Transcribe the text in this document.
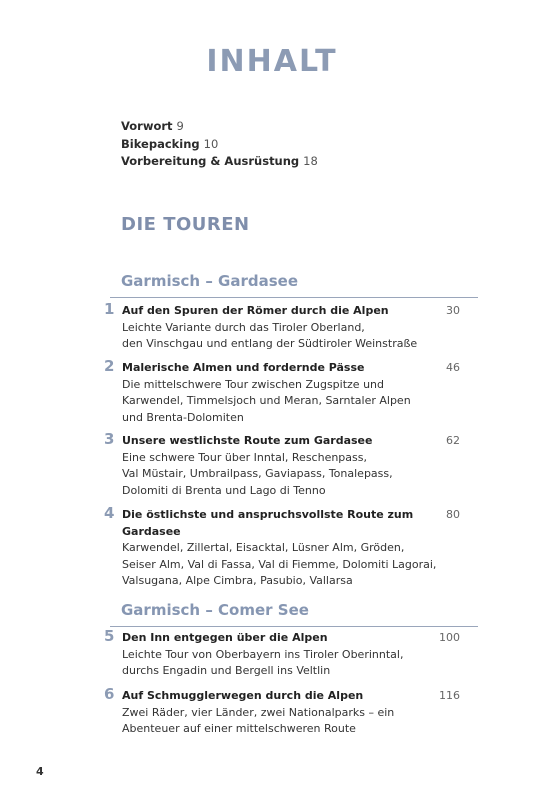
INHALT
Vorwort 9
Bikepacking 10
Vorbereitung & Ausrüstung 18
DIE TOUREN
Garmisch – Gardasee
1 Auf den Spuren der Römer durch die Alpen
Leichte Variante durch das Tiroler Oberland,
den Vinschgau und entlang der Südtiroler Weinstraße
30
2 Malerische Almen und fordernde Pässe
Die mittelschwere Tour zwischen Zugspitze und
Karwendel, Timmelsjoch und Meran, Sarntaler Alpen
und Brenta-Dolomiten
46
3 Unsere westlichste Route zum Gardasee
Eine schwere Tour über Inntal, Reschenpass,
Val Müstair, Umbrailpass, Gaviapass, Tonalepass,
Dolomiti di Brenta und Lago di Tenno
62
4 Die östlichste und anspruchsvollste Route zum Gardasee
Karwendel, Zillertal, Eisacktal, Lüsner Alm, Gröden,
Seiser Alm, Val di Fassa, Val di Fiemme, Dolomiti Lagorai,
Valsugana, Alpe Cimbra, Pasubio, Vallarsa
80
Garmisch – Comer See
5 Den Inn entgegen über die Alpen
Leichte Tour von Oberbayern ins Tiroler Oberinntal,
durchs Engadin und Bergell ins Veltlin
100
6 Auf Schmugglerwegen durch die Alpen
Zwei Räder, vier Länder, zwei Nationalparks – ein
Abenteuer auf einer mittelschweren Route
116
4
